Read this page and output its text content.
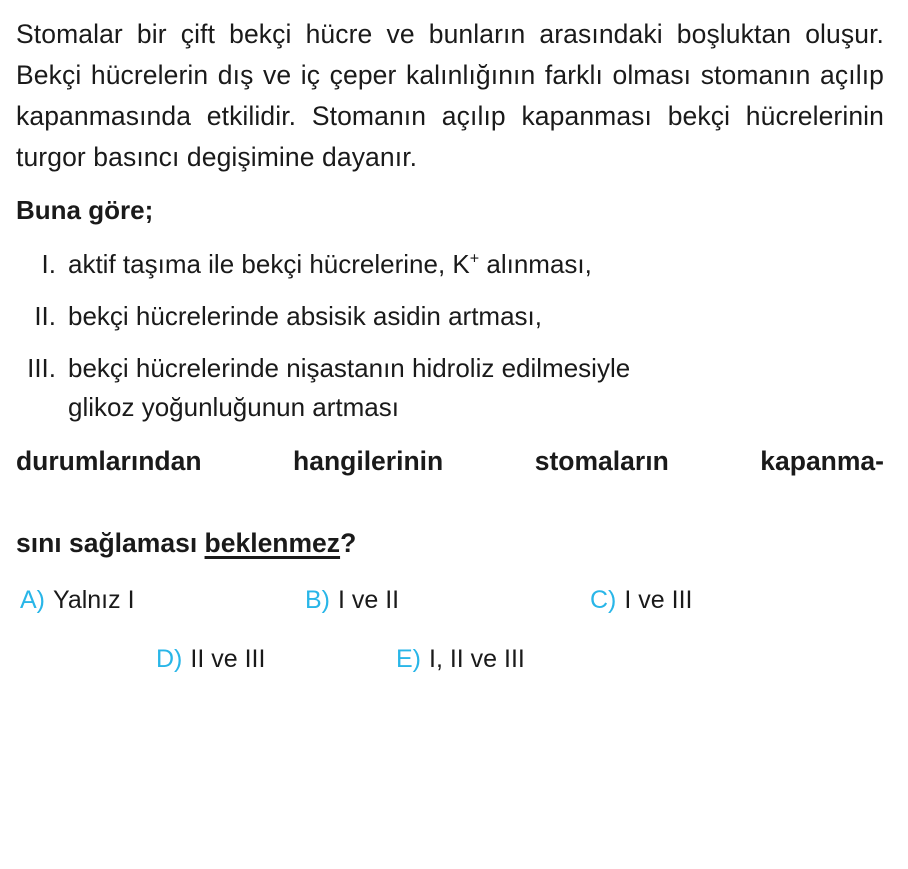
Stomalar bir çift bekçi hücre ve bunların arasındaki boşluktan oluşur. Bekçi hücrelerin dış ve iç çeper kalınlığının farklı olması stomanın açılıp kapanmasında etkilidir. Stomanın açılıp kapanması bekçi hücrelerinin turgor basıncı degişimine dayanır.

Buna göre;
I. aktif taşıma ile bekçi hücrelerine, K+ alınması,
II. bekçi hücrelerinde absisik asidin artması,
III. bekçi hücrelerinde nişastanın hidroliz edilmesiyle
glikoz yoğunluğunun artması
durumlarından hangilerinin stomaların kapanma-
sını sağlaması beklenmez?
A) Yalnız I	B) I ve II	C) I ve III
D) II ve III	E) I, II ve III
